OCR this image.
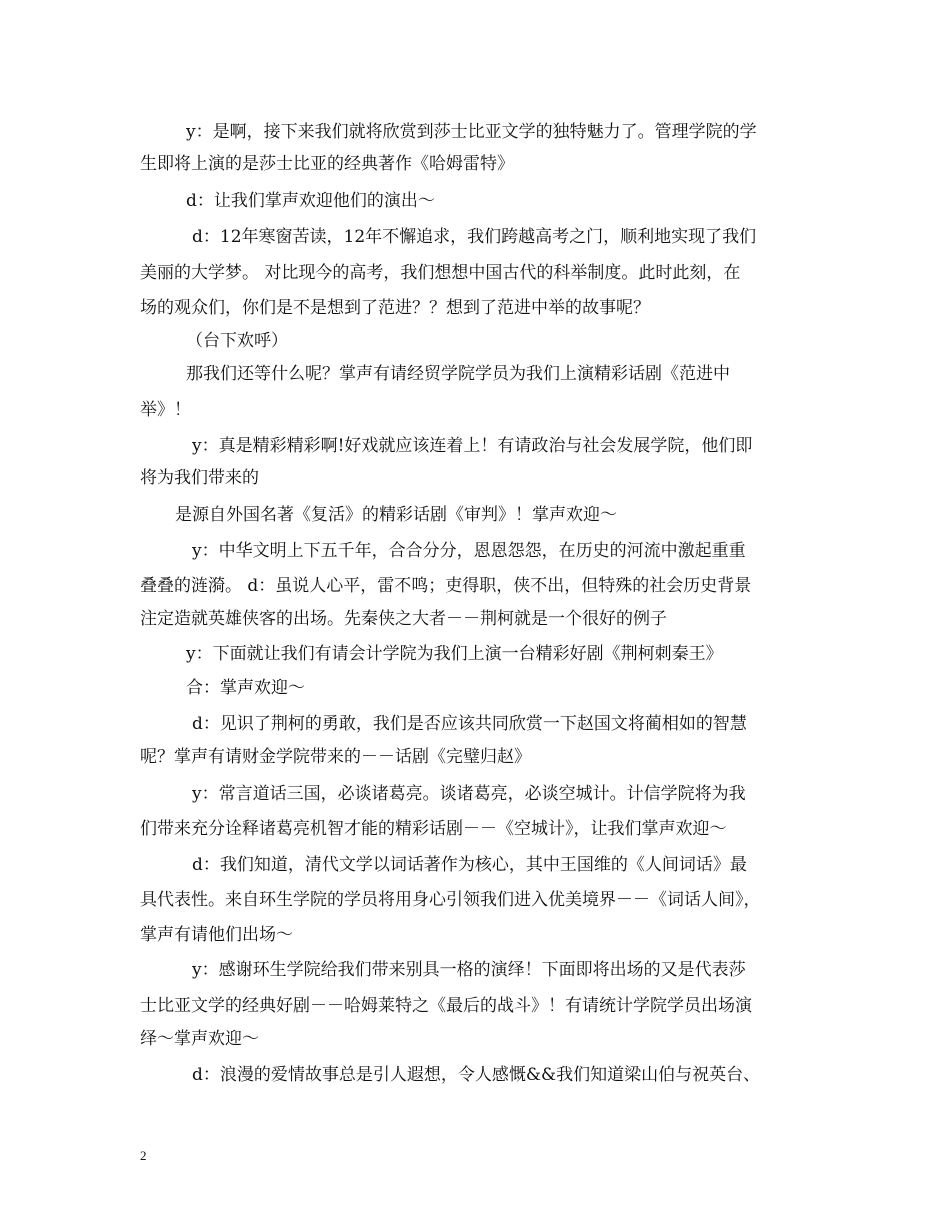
y：是啊，接下来我们就将欣赏到莎士比亚文学的独特魅力了。管理学院的学
生即将上演的是莎士比亚的经典著作《哈姆雷特》
d：让我们掌声欢迎他们的演出～
d：12年寒窗苦读，12年不懈追求，我们跨越高考之门，顺利地实现了我们
美丽的大学梦。 对比现今的高考，我们想想中国古代的科举制度。此时此刻，在
场的观众们，你们是不是想到了范进？？想到了范进中举的故事呢？
（台下欢呼）
那我们还等什么呢？掌声有请经贸学院学员为我们上演精彩话剧《范进中
举》！
y：真是精彩精彩啊!好戏就应该连着上！有请政治与社会发展学院，他们即
将为我们带来的
是源自外国名著《复活》的精彩话剧《审判》！掌声欢迎～
y：中华文明上下五千年，合合分分，恩恩怨怨，在历史的河流中激起重重
叠叠的涟漪。 d：虽说人心平，雷不鸣；吏得职，侠不出，但特殊的社会历史背景
注定造就英雄侠客的出场。先秦侠之大者－－荆柯就是一个很好的例子
y：下面就让我们有请会计学院为我们上演一台精彩好剧《荆柯刺秦王》
合：掌声欢迎～
d：见识了荆柯的勇敢，我们是否应该共同欣赏一下赵国文将蔺相如的智慧
呢？掌声有请财金学院带来的－－话剧《完璧归赵》
y：常言道话三国，必谈诸葛亮。谈诸葛亮，必谈空城计。计信学院将为我
们带来充分诠释诸葛亮机智才能的精彩话剧－－《空城计》，让我们掌声欢迎～
d：我们知道，清代文学以词话著作为核心，其中王国维的《人间词话》最
具代表性。来自环生学院的学员将用身心引领我们进入优美境界－－《词话人间》，
掌声有请他们出场～
y：感谢环生学院给我们带来别具一格的演绎！下面即将出场的又是代表莎
士比亚文学的经典好剧－－哈姆莱特之《最后的战斗》！有请统计学院学员出场演
绎～掌声欢迎～
d：浪漫的爱情故事总是引人遐想，令人感慨&&我们知道梁山伯与祝英台、
2
